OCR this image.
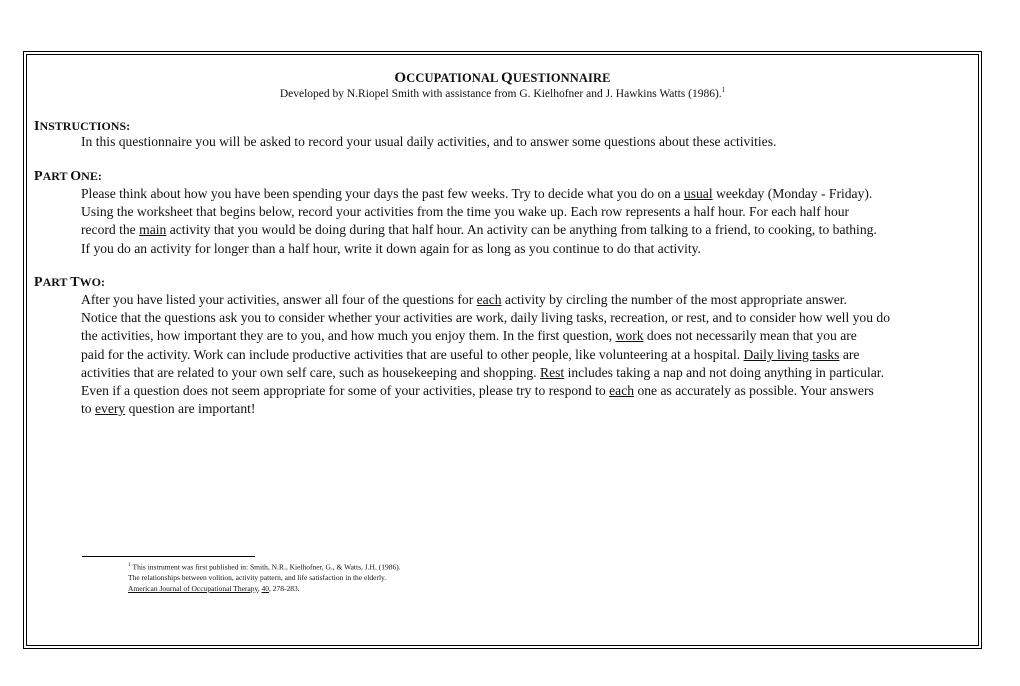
OCCUPATIONAL QUESTIONNAIRE
Developed by N.Riopel Smith with assistance from G. Kielhofner and J. Hawkins Watts (1986).$^1$
INSTRUCTIONS:

In this questionnaire you will be asked to record your usual daily activities, and to answer some questions about these activities.

PART ONE:

Please think about how you have been spending your days the past few weeks. Try to decide what you do on a usual weekday (Monday - Friday).

Using the worksheet that begins below, record your activities from the time you wake up. Each row represents a half hour. For each half hour

record the main activity that you would be doing during that half hour. An activity can be anything from talking to a friend, to cooking, to bathing.

If you do an activity for longer than a half hour, write it down again for as long as you continue to do that activity.

PART TWO:

After you have listed your activities, answer all four of the questions for each activity by circling the number of the most appropriate answer.

Notice that the questions ask you to consider whether your activities are work, daily living tasks, recreation, or rest, and to consider how well you do

the activities, how important they are to you, and how much you enjoy them. In the first question, work does not necessarily mean that you are

paid for the activity. Work can include productive activities that are useful to other people, like volunteering at a hospital. Daily living tasks are

activities that are related to your own self care, such as housekeeping and shopping. Rest includes taking a nap and not doing anything in particular.

Even if a question does not seem appropriate for some of your activities, please try to respond to each one as accurately as possible. Your answers

to every question are important!

$^1$ This instrument was first published in: Smith, N.R., Kielhofner, G., & Watts, J.H. (1986).

The relationships between volition, activity pattern, and life satisfaction in the elderly.

American Journal of Occupational Therapy, 40, 278-283.
